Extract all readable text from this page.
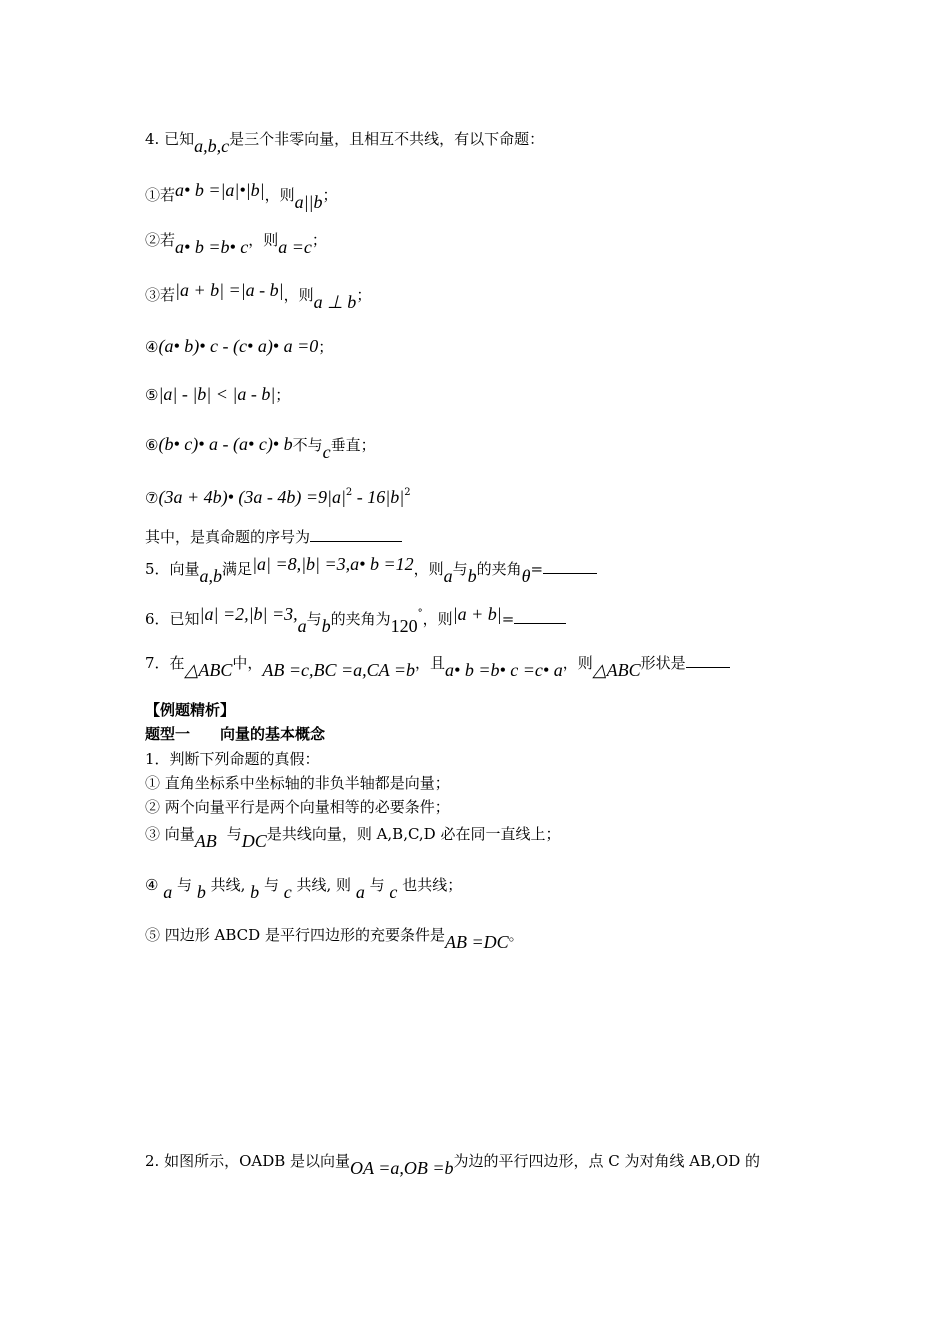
4. 已知a,b,c是三个非零向量，且相互不共线，有以下命题：
①若a• b =|a|•|b|，则a||b；
②若a• b =b• c，则a =c；
③若|a + b| =|a - b|，则a ⊥ b；
④(a• b)• c - (c• a)• a =0；
⑤|a| - |b| < |a - b|；
⑥(b• c)• a - (a• c)• b不与c垂直；
⑦(3a + 4b)• $(3a - 4b) =9|a|^2 - 16|b|^2$
其中，是真命题的序号为
5．向量a,b满足|a| =8,|b| =3,a• b =12，则a与b的夹角θ=
6．已知|a| =2,|b| =3,a与b的夹角为120°，则|a + b|=
7．在△ABC中，AB =c,BC =a,CA =b，且a• b =b• c =c• a，则△ABC形状是
【例题精析】
题型一　　向量的基本概念
1．判断下列命题的真假：
① 直角坐标系中坐标轴的非负半轴都是向量；
② 两个向量平行是两个向量相等的必要条件；
③ 向量AB 与DC是共线向量，则 A,B,C,D 必在同一直线上；
④ a 与 b 共线, b 与 c 共线, 则 a 与 c 也共线；
⑤ 四边形 ABCD 是平行四边形的充要条件是AB =DC。
2. 如图所示，OADB 是以向量OA =a,OB =b为边的平行四边形，点 C 为对角线 AB,OD 的
